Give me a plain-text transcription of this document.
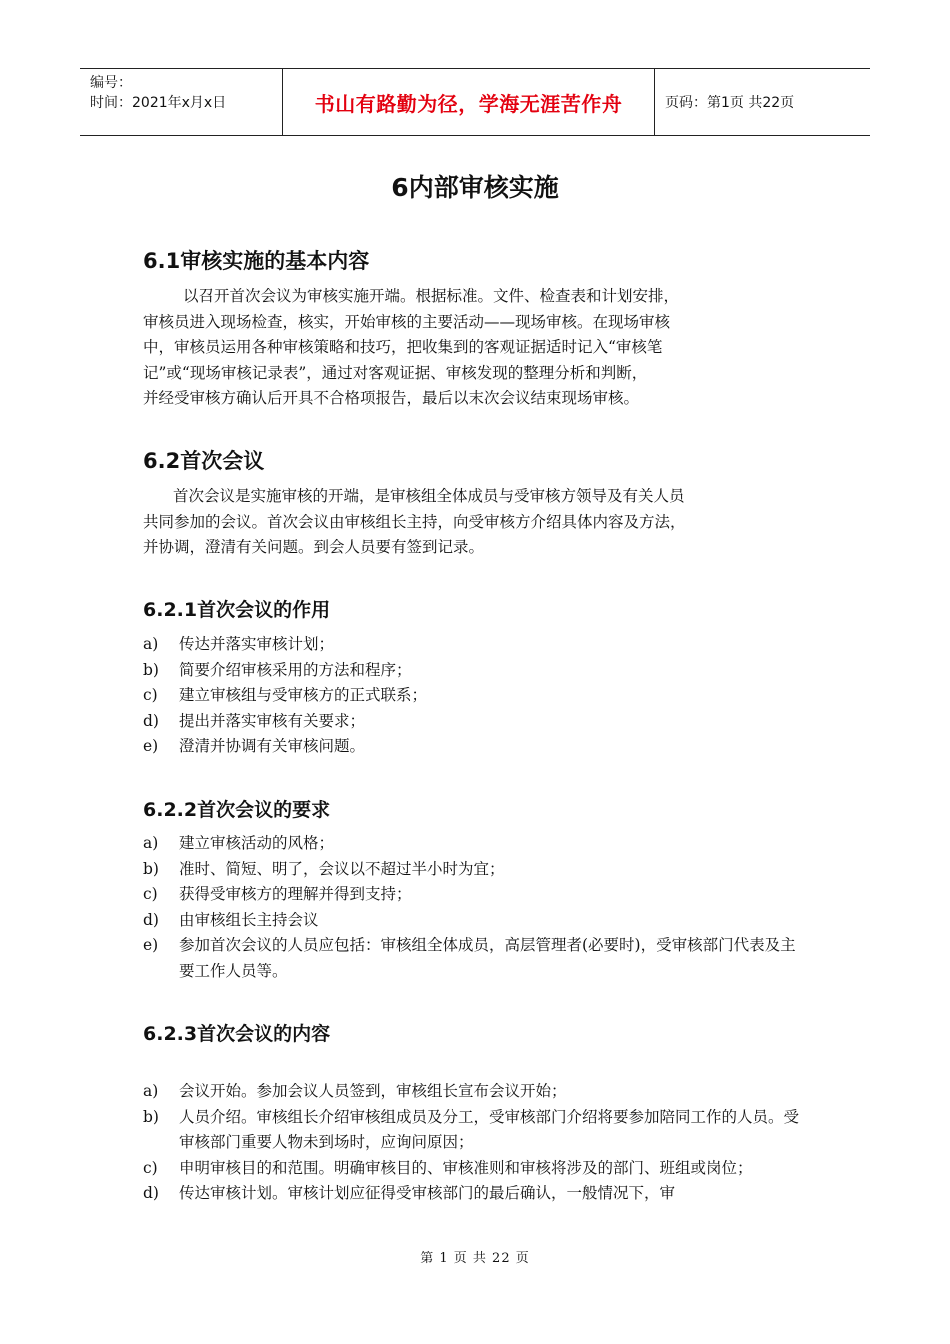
编号：
时间：2021年x月x日	书山有路勤为径，学海无涯苦作舟	页码：第1页 共22页
6内部审核实施
6.1审核实施的基本内容

以召开首次会议为审核实施开端。根据标准。文件、检查表和计划安排，

审核员进入现场检查，核实，开始审核的主要活动——现场审核。在现场审核

中，审核员运用各种审核策略和技巧，把收集到的客观证据适时记入“审核笔

记”或“现场审核记录表”，通过对客观证据、审核发现的整理分析和判断，

并经受审核方确认后开具不合格项报告，最后以末次会议结束现场审核。

6.2首次会议

首次会议是实施审核的开端，是审核组全体成员与受审核方领导及有关人员

共同参加的会议。首次会议由审核组长主持，向受审核方介绍具体内容及方法，

并协调，澄清有关问题。到会人员要有签到记录。

6.2.1首次会议的作用
a)	传达并落实审核计划；
b)	简要介绍审核采用的方法和程序；
c)	建立审核组与受审核方的正式联系；
d)	提出并落实审核有关要求；
e)	澄清并协调有关审核问题。
6.2.2首次会议的要求
a)	建立审核活动的风格；
b)	准时、简短、明了，会议以不超过半小时为宜；
c)	获得受审核方的理解并得到支持；
d)	由审核组长主持会议
e)	参加首次会议的人员应包括：审核组全体成员，高层管理者(必要时)，受审核部门代表及主要工作人员等。
6.2.3首次会议的内容
a)	会议开始。参加会议人员签到，审核组长宣布会议开始；
b)	人员介绍。审核组长介绍审核组成员及分工，受审核部门介绍将要参加陪同工作的人员。受审核部门重要人物未到场时，应询问原因；
c)	申明审核目的和范围。明确审核目的、审核准则和审核将涉及的部门、班组或岗位；
d)	传达审核计划。审核计划应征得受审核部门的最后确认，一般情况下，审
第 1 页 共 22 页
